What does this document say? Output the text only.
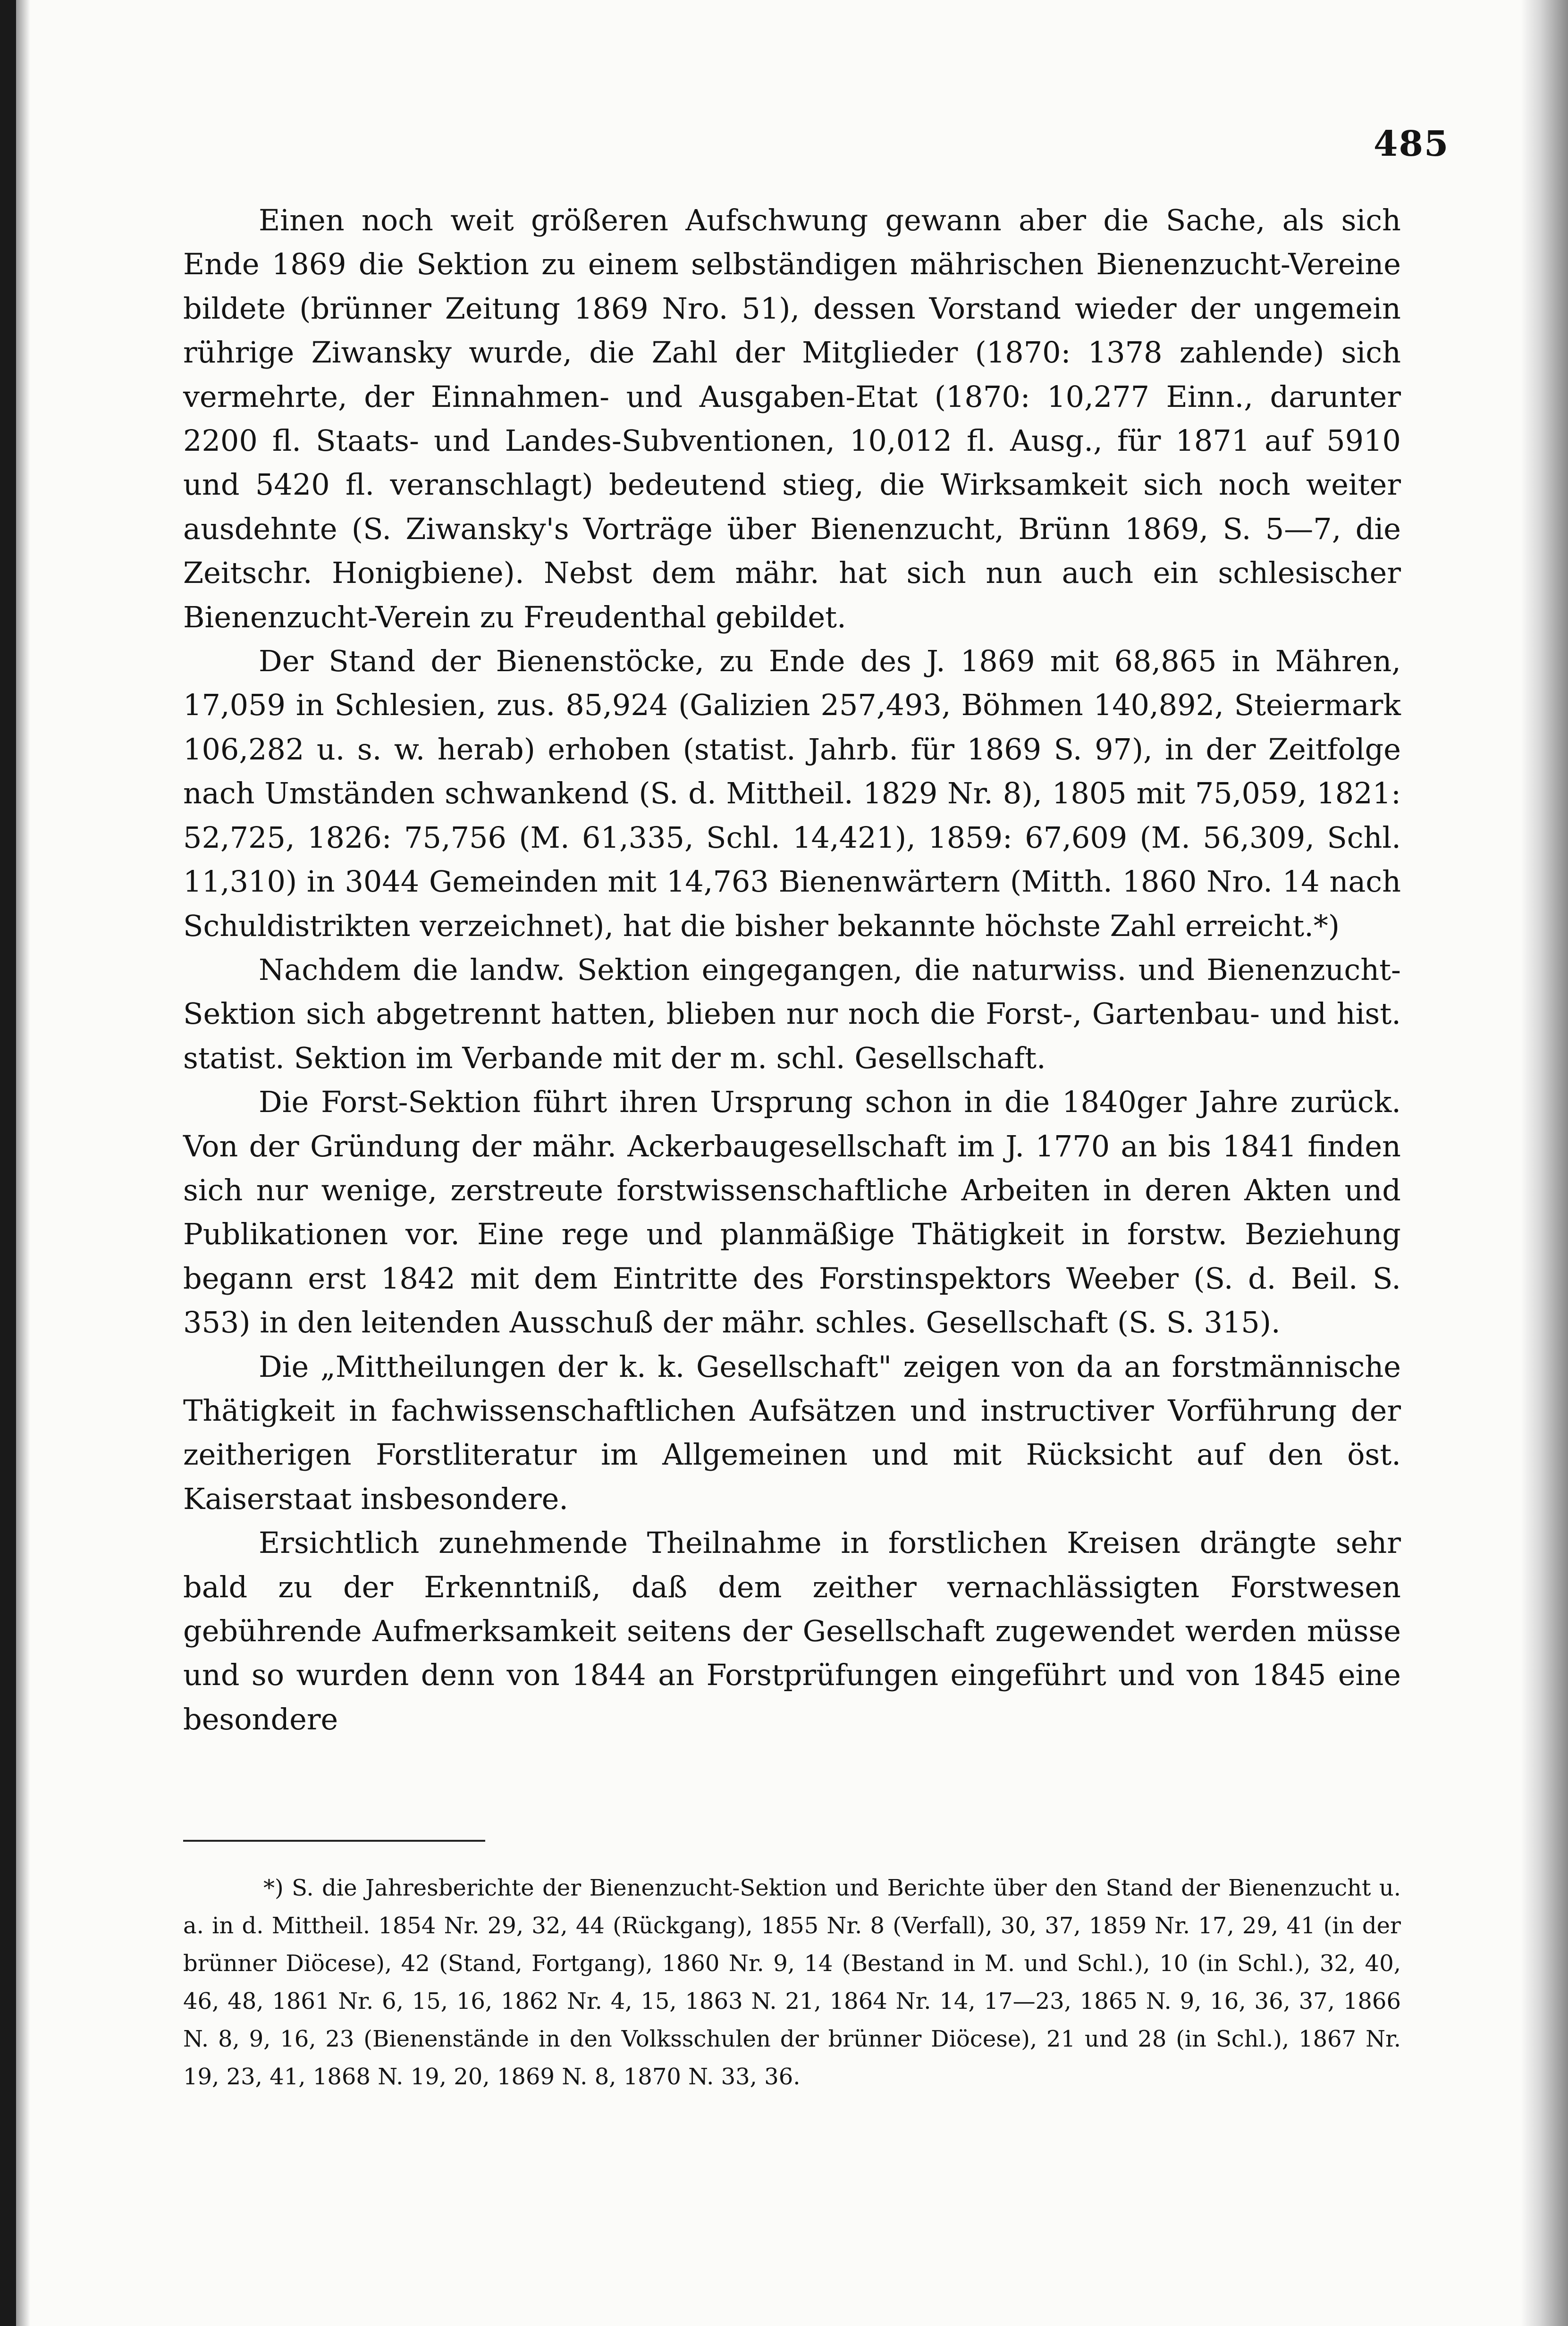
485

Einen noch weit größeren Aufschwung gewann aber die Sache, als sich Ende 1869 die Sektion zu einem selbständigen mährischen Bienenzucht-Vereine bildete (brünner Zeitung 1869 Nro. 51), dessen Vorstand wieder der ungemein rührige Ziwansky wurde, die Zahl der Mitglieder (1870: 1378 zahlende) sich vermehrte, der Einnahmen- und Ausgaben-Etat (1870: 10,277 Einn., darunter 2200 fl. Staats- und Landes-Subventionen, 10,012 fl. Ausg., für 1871 auf 5910 und 5420 fl. veranschlagt) bedeutend stieg, die Wirksamkeit sich noch weiter ausdehnte (S. Ziwansky's Vorträge über Bienenzucht, Brünn 1869, S. 5—7, die Zeitschr. Honigbiene). Nebst dem mähr. hat sich nun auch ein schlesischer Bienenzucht-Verein zu Freudenthal gebildet.

Der Stand der Bienenstöcke, zu Ende des J. 1869 mit 68,865 in Mähren, 17,059 in Schlesien, zus. 85,924 (Galizien 257,493, Böhmen 140,892, Steiermark 106,282 u. s. w. herab) erhoben (statist. Jahrb. für 1869 S. 97), in der Zeitfolge nach Umständen schwankend (S. d. Mittheil. 1829 Nr. 8), 1805 mit 75,059, 1821: 52,725, 1826: 75,756 (M. 61,335, Schl. 14,421), 1859: 67,609 (M. 56,309, Schl. 11,310) in 3044 Gemeinden mit 14,763 Bienenwärtern (Mitth. 1860 Nro. 14 nach Schuldistrikten verzeichnet), hat die bisher bekannte höchste Zahl erreicht.*)

Nachdem die landw. Sektion eingegangen, die naturwiss. und Bienenzucht-Sektion sich abgetrennt hatten, blieben nur noch die Forst-, Gartenbau- und hist. statist. Sektion im Verbande mit der m. schl. Gesellschaft.

Die Forst-Sektion führt ihren Ursprung schon in die 1840ger Jahre zurück. Von der Gründung der mähr. Ackerbaugesellschaft im J. 1770 an bis 1841 finden sich nur wenige, zerstreute forstwissenschaftliche Arbeiten in deren Akten und Publikationen vor. Eine rege und planmäßige Thätigkeit in forstw. Beziehung begann erst 1842 mit dem Eintritte des Forstinspektors Weeber (S. d. Beil. S. 353) in den leitenden Ausschuß der mähr. schles. Gesellschaft (S. S. 315).

Die „Mittheilungen der k. k. Gesellschaft" zeigen von da an forstmännische Thätigkeit in fachwissenschaftlichen Aufsätzen und instructiver Vorführung der zeitherigen Forstliteratur im Allgemeinen und mit Rücksicht auf den öst. Kaiserstaat insbesondere.

Ersichtlich zunehmende Theilnahme in forstlichen Kreisen drängte sehr bald zu der Erkenntniß, daß dem zeither vernachlässigten Forstwesen gebührende Aufmerksamkeit seitens der Gesellschaft zugewendet werden müsse und so wurden denn von 1844 an Forstprüfungen eingeführt und von 1845 eine besondere

*) S. die Jahresberichte der Bienenzucht-Sektion und Berichte über den Stand der Bienenzucht u. a. in d. Mittheil. 1854 Nr. 29, 32, 44 (Rückgang), 1855 Nr. 8 (Verfall), 30, 37, 1859 Nr. 17, 29, 41 (in der brünner Diöcese), 42 (Stand, Fortgang), 1860 Nr. 9, 14 (Bestand in M. und Schl.), 10 (in Schl.), 32, 40, 46, 48, 1861 Nr. 6, 15, 16, 1862 Nr. 4, 15, 1863 N. 21, 1864 Nr. 14, 17—23, 1865 N. 9, 16, 36, 37, 1866 N. 8, 9, 16, 23 (Bienenstände in den Volksschulen der brünner Diöcese), 21 und 28 (in Schl.), 1867 Nr. 19, 23, 41, 1868 N. 19, 20, 1869 N. 8, 1870 N. 33, 36.
